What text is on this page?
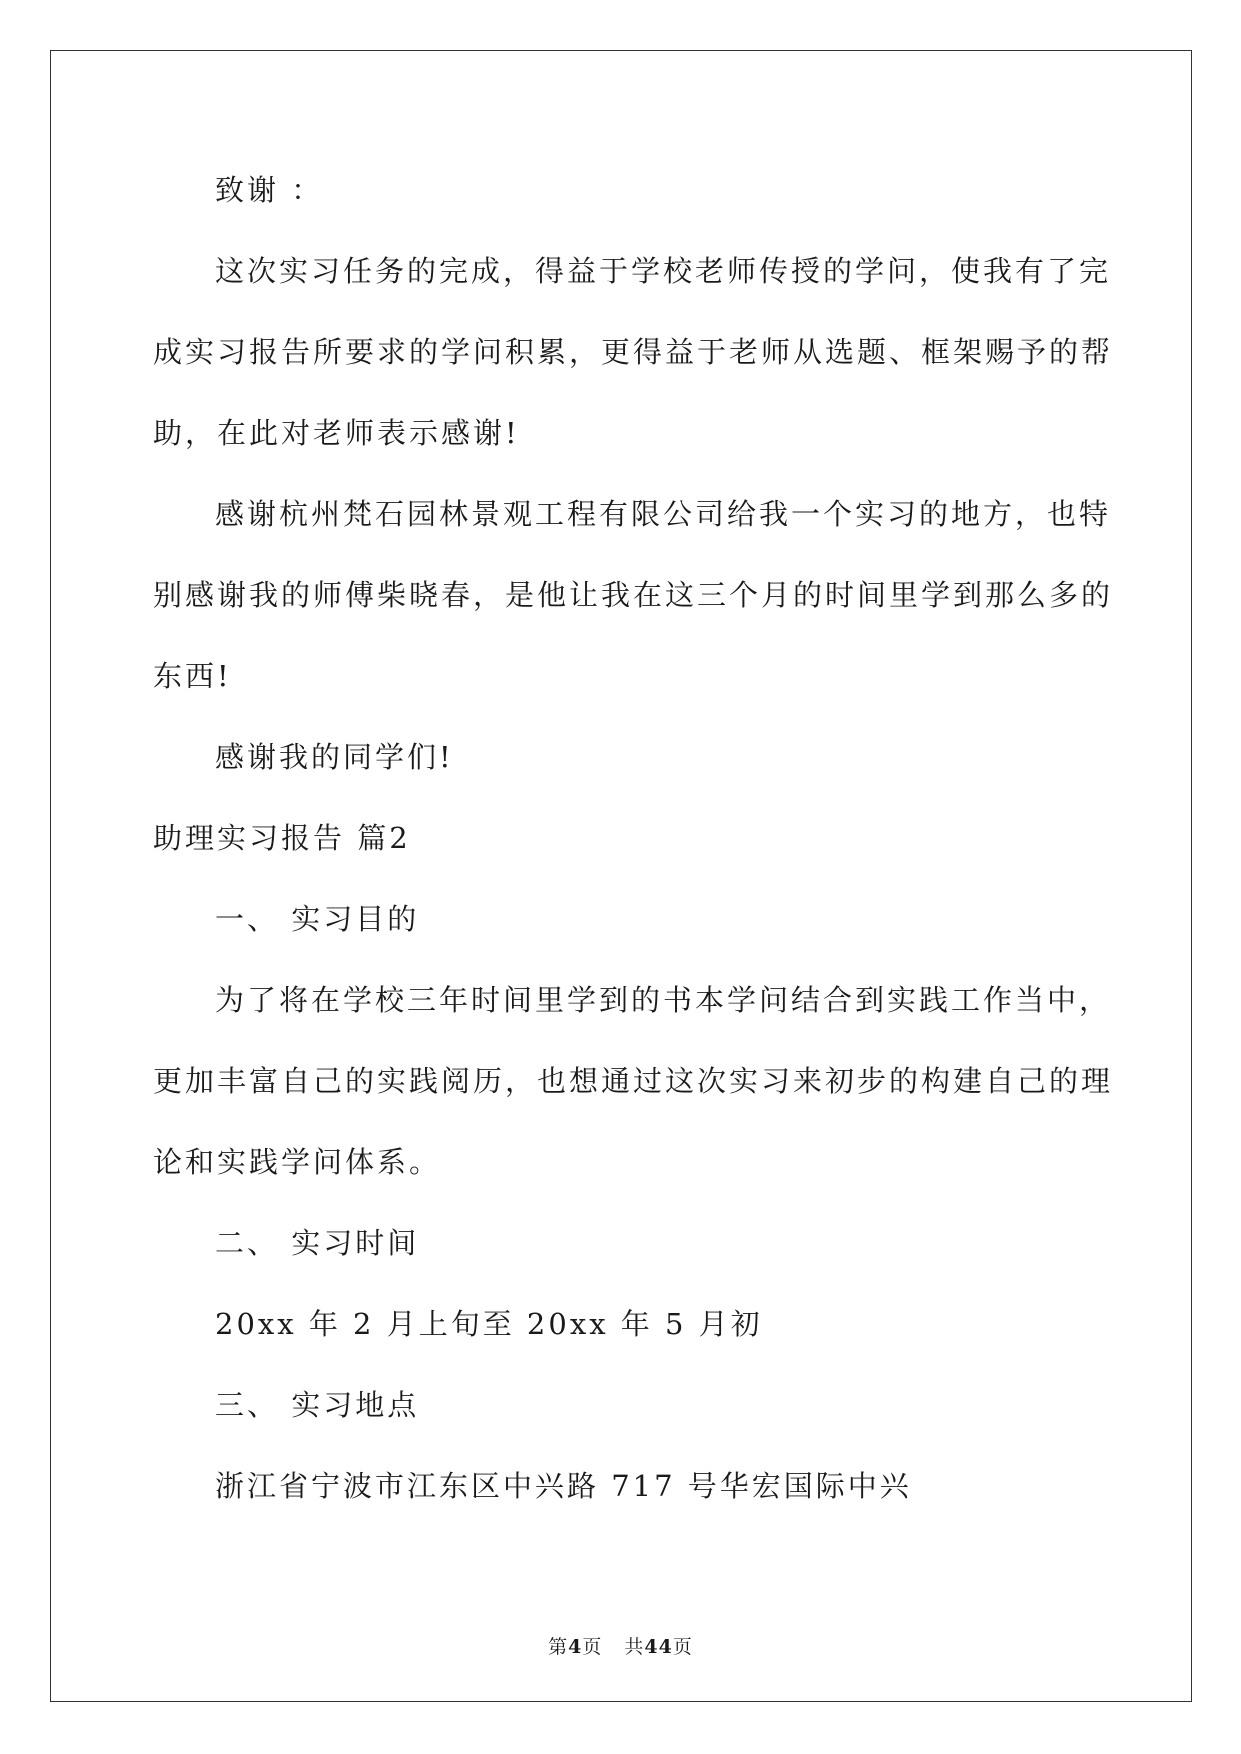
致谢 ：
这次实习任务的完成，得益于学校老师传授的学问，使我有了完
成实习报告所要求的学问积累，更得益于老师从选题、框架赐予的帮
助，在此对老师表示感谢!
感谢杭州梵石园林景观工程有限公司给我一个实习的地方，也特
别感谢我的师傅柴晓春，是他让我在这三个月的时间里学到那么多的
东西!
感谢我的同学们!
助理实习报告 篇2
一、 实习目的
为了将在学校三年时间里学到的书本学问结合到实践工作当中，
更加丰富自己的实践阅历，也想通过这次实习来初步的构建自己的理
论和实践学问体系。
二、 实习时间
20xx 年 2 月上旬至 20xx 年 5 月初
三、 实习地点
浙江省宁波市江东区中兴路 717 号华宏国际中兴
第4页 共44页
